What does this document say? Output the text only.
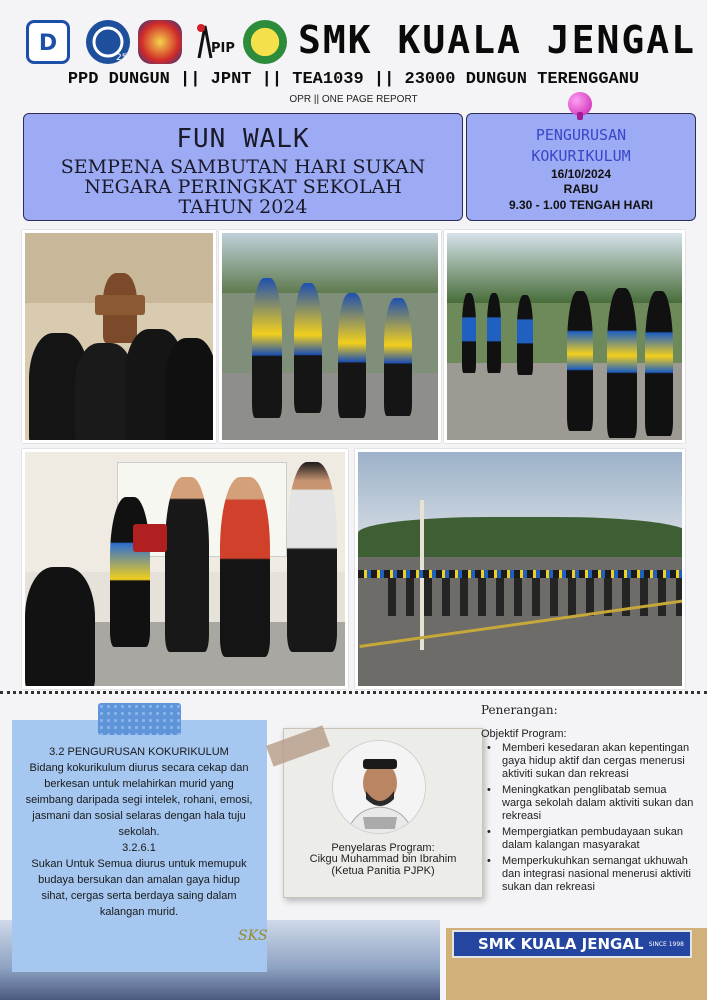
D
25
PIP SMK KUALA JENGAL
PPD DUNGUN || JPNT || TEA1039 || 23000 DUNGUN TERENGGANU
OPR || ONE PAGE REPORT
FUN WALK
SEMPENA SAMBUTAN HARI SUKAN
NEGARA PERINGKAT SEKOLAH
TAHUN 2024
PENGURUSAN
KOKURIKULUM
16/10/2024
RABU
9.30 - 1.00 TENGAH HARI
SMK KUALA JENGAL SINCE 1998
3.2 PENGURUSAN KOKURIKULUM
Bidang kokurikulum diurus secara cekap dan berkesan untuk melahirkan murid yang seimbang daripada segi intelek, rohani, emosi, jasmani dan sosial selaras dengan hala tuju sekolah.
3.2.6.1
Sukan Untuk Semua diurus untuk memupuk budaya bersukan dan amalan gaya hidup sihat, cergas serta berdaya saing dalam kalangan murid.
SKS
Penyelaras Program:
Cikgu Muhammad bin Ibrahim
(Ketua Panitia PJPK)
Penerangan:
Objektif Program:
• Memberi kesedaran akan kepentingan gaya hidup aktif dan cergas menerusi aktiviti sukan dan rekreasi
• Meningkatkan penglibatab semua warga sekolah dalam aktiviti sukan dan rekreasi
• Mempergiatkan pembudayaan sukan dalam kalangan masyarakat
• Memperkukuhkan semangat ukhuwah dan integrasi nasional menerusi aktiviti sukan dan rekreasi
